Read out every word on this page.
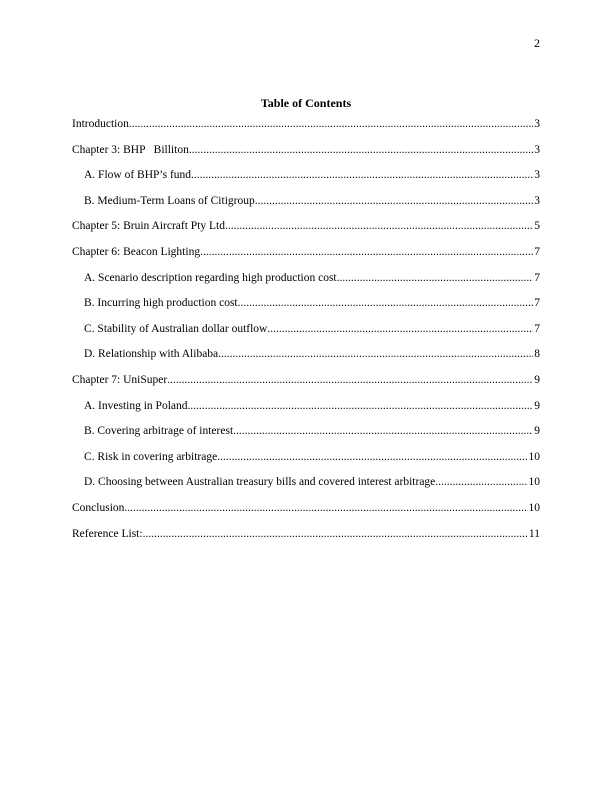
2
Table of Contents
Introduction .....	3
Chapter 3: BHP   Billiton .....	3
A. Flow of BHP’s fund .....	3
B. Medium-Term Loans of Citigroup .....	3
Chapter 5: Bruin Aircraft Pty Ltd .....	5
Chapter 6: Beacon Lighting .....	7
A. Scenario description regarding high production cost .....	7
B. Incurring high production cost .....	7
C. Stability of Australian dollar outflow .....	7
D. Relationship with Alibaba .....	8
Chapter 7: UniSuper .....	9
A. Investing in Poland .....	9
B. Covering arbitrage of interest .....	9
C. Risk in covering arbitrage .....	10
D. Choosing between Australian treasury bills and covered interest arbitrage .....	10
Conclusion .....	10
Reference List: .....	11
